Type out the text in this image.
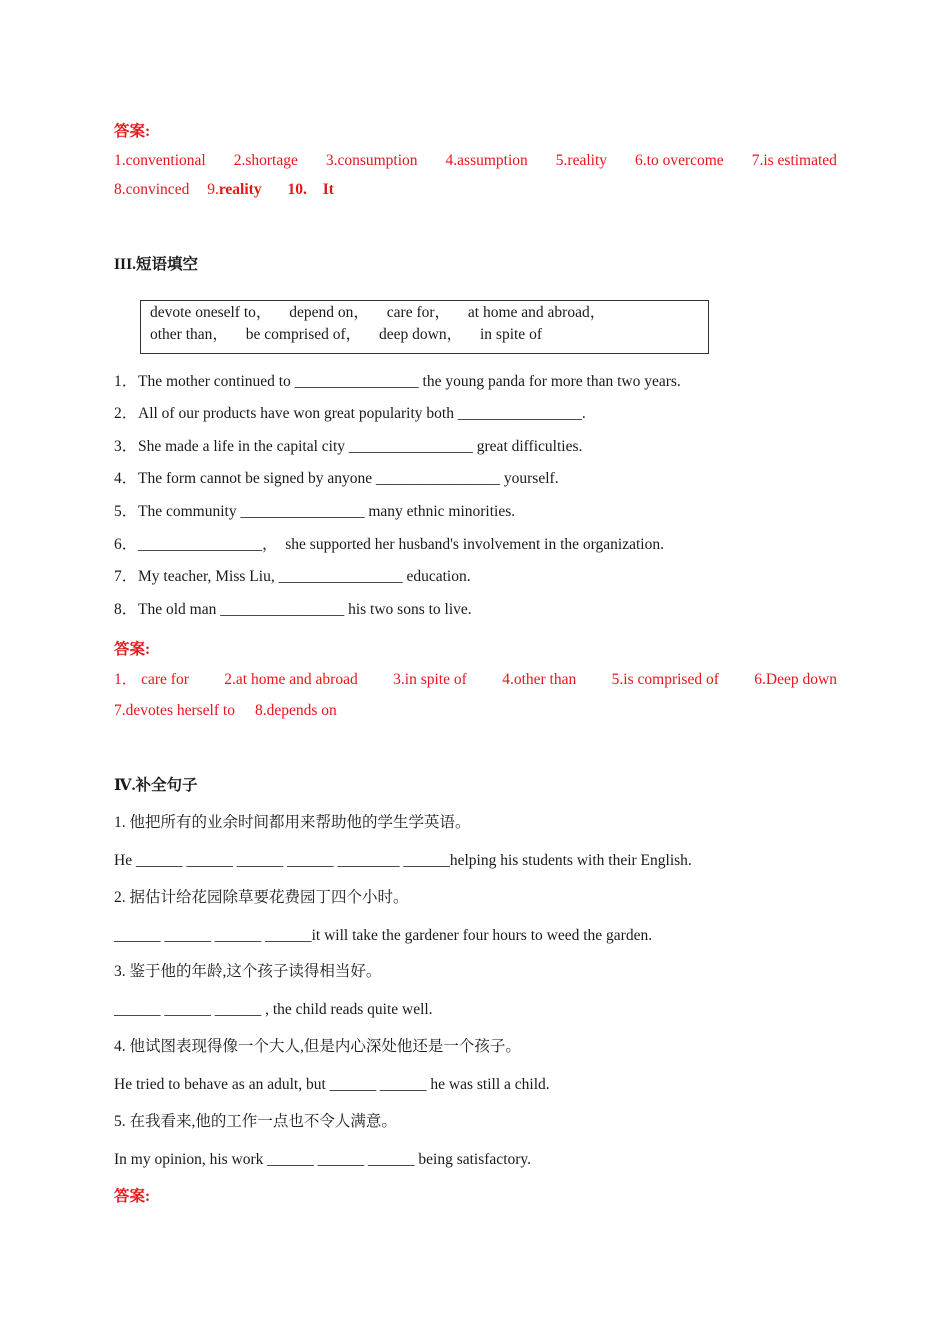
答案:
1.conventional 2.shortage 3.consumption 4.assumption 5.reality 6.to overcome 7.is estimated
8.convinced 9.reality 10. It
III.短语填空
devote oneself to， depend on， care for， at home and abroad，
other than， be comprised of， deep down， in spite of
1．The mother continued to ________________ the young panda for more than two years.
2．All of our products have won great popularity both ________________.
3．She made a life in the capital city ________________ great difficulties.
4．The form cannot be signed by anyone ________________ yourself.
5．The community ________________ many ethnic minorities.
6．________________，  she supported her husband's involvement in the organization.
7．My teacher, Miss Liu, ________________ education.
8．The old man ________________ his two sons to live.
答案:
1． care for 2.at home and abroad 3.in spite of 4.other than 5.is comprised of 6.Deep down
7.devotes herself to 8.depends on
Ⅳ.补全句子
1. 他把所有的业余时间都用来帮助他的学生学英语。
He ______ ______ ______ ______ ________ ______helping his students with their English.
2. 据估计给花园除草要花费园丁四个小时。
______ ______ ______ ______it will take the gardener four hours to weed the garden.
3. 鉴于他的年龄,这个孩子读得相当好。
______ ______ ______ , the child reads quite well.
4. 他试图表现得像一个大人,但是内心深处他还是一个孩子。
He tried to behave as an adult, but ______ ______ he was still a child.
5. 在我看来,他的工作一点也不令人满意。
In my opinion, his work ______ ______ ______ being satisfactory.
答案:
